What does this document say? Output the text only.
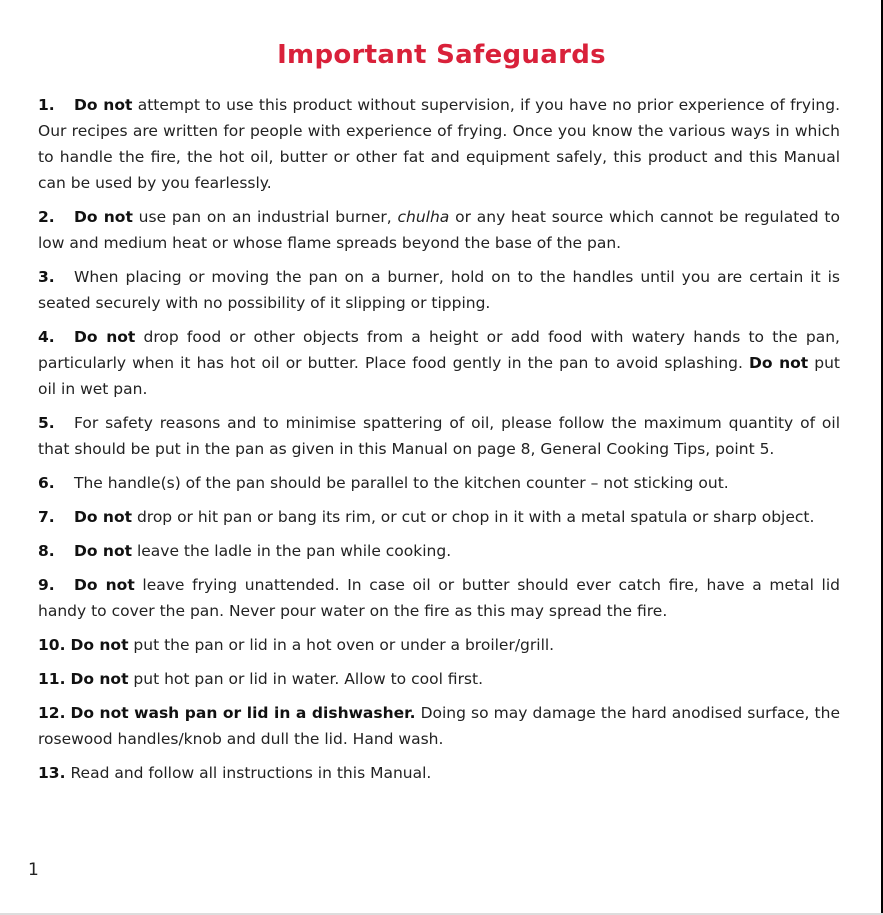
Important Safeguards

1. Do not attempt to use this product without supervision, if you have no prior experience of frying. Our recipes are written for people with experience of frying. Once you know the various ways in which to handle the fire, the hot oil, butter or other fat and equipment safely, this product and this Manual can be used by you fearlessly.

2. Do not use pan on an industrial burner, chulha or any heat source which cannot be regulated to low and medium heat or whose flame spreads beyond the base of the pan.

3. When placing or moving the pan on a burner, hold on to the handles until you are certain it is seated securely with no possibility of it slipping or tipping.

4. Do not drop food or other objects from a height or add food with watery hands to the pan, particularly when it has hot oil or butter. Place food gently in the pan to avoid splashing. Do not put oil in wet pan.

5. For safety reasons and to minimise spattering of oil, please follow the maximum quantity of oil that should be put in the pan as given in this Manual on page 8, General Cooking Tips, point 5.

6. The handle(s) of the pan should be parallel to the kitchen counter – not sticking out.

7. Do not drop or hit pan or bang its rim, or cut or chop in it with a metal spatula or sharp object.

8. Do not leave the ladle in the pan while cooking.

9. Do not leave frying unattended. In case oil or butter should ever catch fire, have a metal lid handy to cover the pan. Never pour water on the fire as this may spread the fire.

10. Do not put the pan or lid in a hot oven or under a broiler/grill.

11. Do not put hot pan or lid in water. Allow to cool first.

12. Do not wash pan or lid in a dishwasher. Doing so may damage the hard anodised surface, the rosewood handles/knob and dull the lid. Hand wash.

13. Read and follow all instructions in this Manual.

1
